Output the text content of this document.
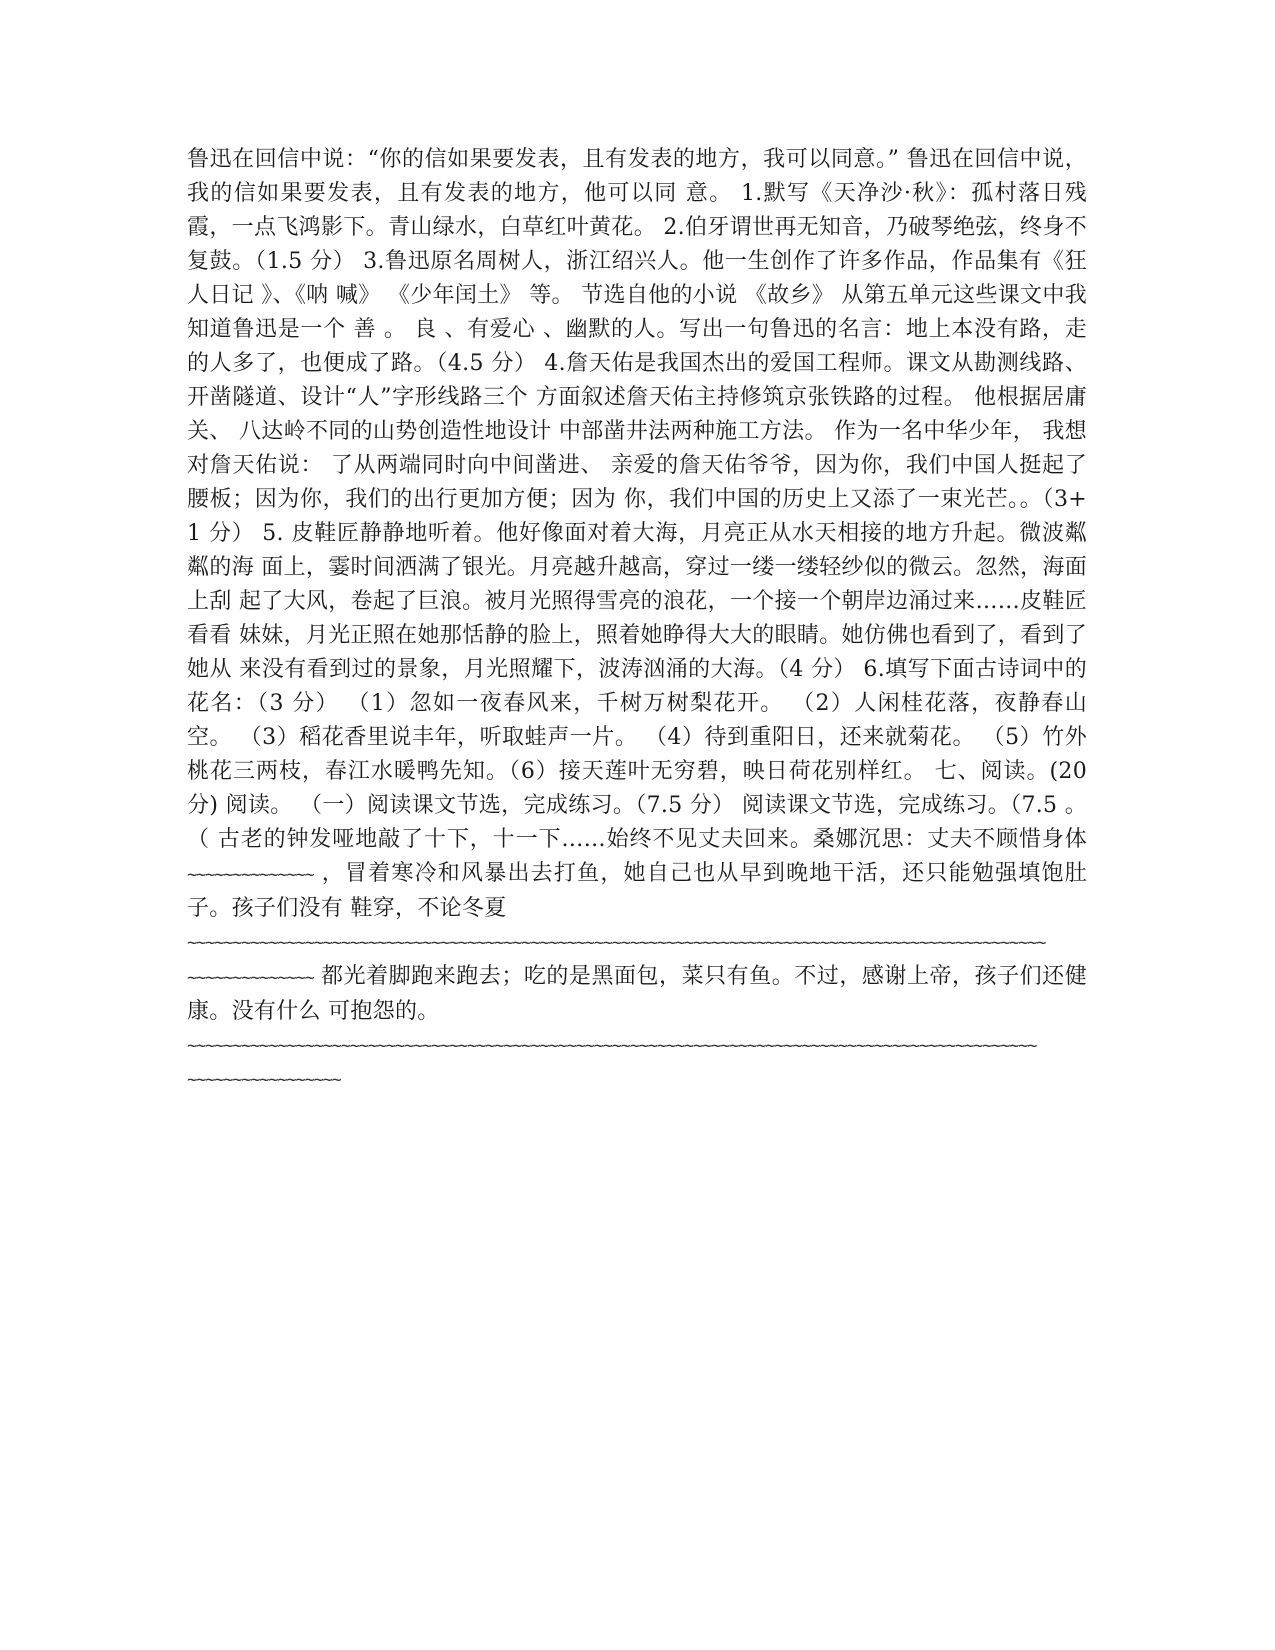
鲁迅在回信中说：“你的信如果要发表，且有发表的地方，我可以同意。” 鲁迅在回信中说，我的信如果要发表，且有发表的地方，他可以同 意。 1.默写《天净沙·秋》：孤村落日残霞，一点飞鸿影下。青山绿水，白草红叶黄花。 2.伯牙谓世再无知音，乃破琴绝弦，终身不复鼓。（1.5 分） 3.鲁迅原名周树人，浙江绍兴人。他一生创作了许多作品，作品集有《狂人日记 》、《呐 喊》 《少年闰土》 等。 节选自他的小说 《故乡》 从第五单元这些课文中我知道鲁迅是一个 善 。 良 、有爱心 、幽默的人。写出一句鲁迅的名言：地上本没有路，走的人多了，也便成了路。（4.5 分） 4.詹天佑是我国杰出的爱国工程师。课文从勘测线路、开凿隧道、设计“人”字形线路三个 方面叙述詹天佑主持修筑京张铁路的过程。 他根据居庸关、 八达岭不同的山势创造性地设计 中部凿井法两种施工方法。 作为一名中华少年， 我想对詹天佑说： 了从两端同时向中间凿进、 亲爱的詹天佑爷爷，因为你，我们中国人挺起了腰板；因为你，我们的出行更加方便；因为 你，我们中国的历史上又添了一束光芒。。（3+1 分） 5. 皮鞋匠静静地听着。他好像面对着大海，月亮正从水天相接的地方升起。微波粼粼的海 面上，霎时间洒满了银光。月亮越升越高，穿过一缕一缕轻纱似的微云。忽然，海面上刮 起了大风，卷起了巨浪。被月光照得雪亮的浪花，一个接一个朝岸边涌过来……皮鞋匠看看 妹妹，月光正照在她那恬静的脸上，照着她睁得大大的眼睛。她仿佛也看到了，看到了她从 来没有看到过的景象，月光照耀下，波涛汹涌的大海。（4 分） 6.填写下面古诗词中的花名：（3 分） （1）忽如一夜春风来，千树万树梨花开。 （2）人闲桂花落，夜静春山空。 （3）稻花香里说丰年，听取蛙声一片。 （4）待到重阳日，还来就菊花。 （5）竹外桃花三两枝，春江水暖鸭先知。（6）接天莲叶无穷碧，映日荷花别样红。 七、阅读。(20 分) 阅读。 （一）阅读课文节选，完成练习。（7.5 分） 阅读课文节选，完成练习。（7.5 。（ 古老的钟发哑地敲了十下，十一下……始终不见丈夫回来。桑娜沉思：丈夫不顾惜身体 ~~~~~~~~~~~~~~ ，冒着寒冷和风暴出去打鱼，她自己也从早到晚地干活，还只能勉强填饱肚子。孩子们没有 鞋穿，不论冬夏

~~~~~~~~~~~~~~~~~~~~~~~~~~~~~~~~~~~~~~~~~~~~~~~~~~~~~~~~~~~~~~~~~~~~~~~~~~~~~~~~~~~~~~~~~~~~~~~

~~~~~~~~~~~~~~ 都光着脚跑来跑去；吃的是黑面包，菜只有鱼。不过，感谢上帝，孩子们还健康。没有什么 可抱怨的。

~~~~~~~~~~~~~~~~~~~~~~~~~~~~~~~~~~~~~~~~~~~~~~~~~~~~~~~~~~~~~~~~~~~~~~~~~~~~~~~~~~~~~~~~~~~~~~
~~~~~~~~~~~~~~~~~
